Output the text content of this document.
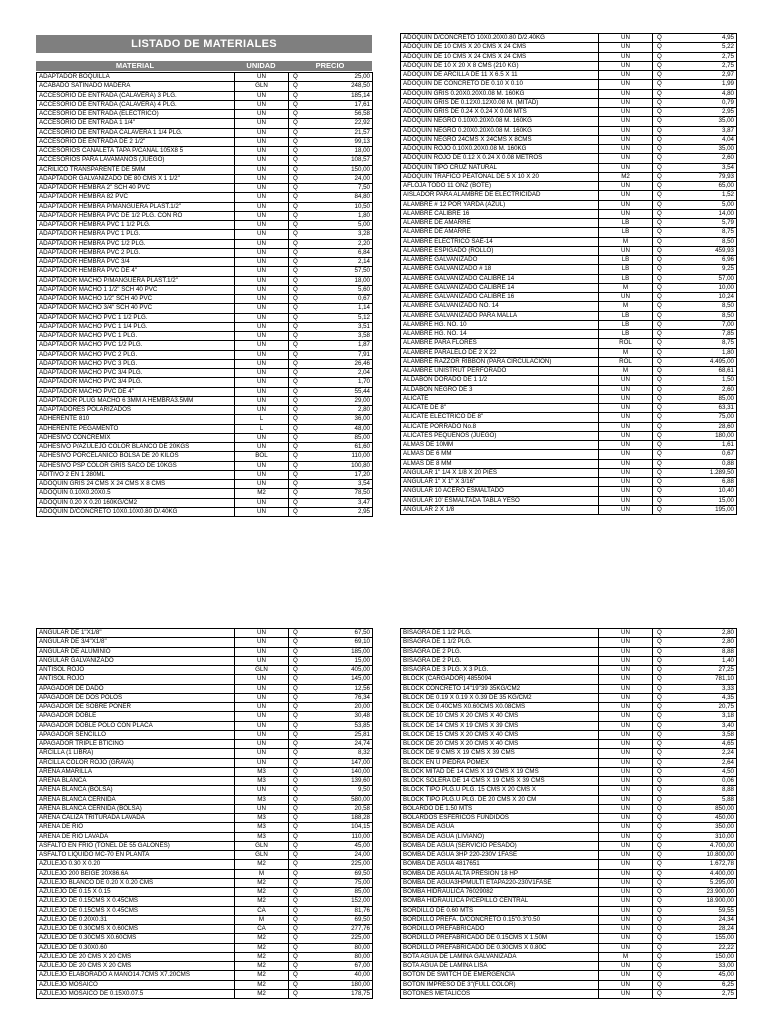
LISTADO DE MATERIALES
MATERIAL	UNIDAD	PRECIO
ADAPTADOR BOQUILLA	UN	Q	25,00
ACABADO SATINADO MADERA	GLN	Q	248,50
ACCESORIO DE ENTRADA (CALAVERA) 3 PLG.	UN	Q	185,14
ACCESORIO DE ENTRADA (CALAVERA) 4 PLG.	UN	Q	17,61
ACCESORIO DE ENTRADA (ELECTRICO)	UN	Q	56,58
ACCESORIO DE ENTRADA 1 1/4"	UN	Q	22,92
ACCESORIO DE ENTRADA CALAVERA 1 1/4 PLG.	UN	Q	21,57
ACCESORIO DE ENTRADA DE 2 1/2"	UN	Q	99,13
ACCESORIOS CANALETA TAPA P/CANAL 105X8 5	UN	Q	18,00
ACCESORIOS PARA LAVAMANOS (JUEGO)	UN	Q	108,57
ACRILICO TRANSPARENTE DE 5MM	UN	Q	150,00
ADAPTADOR GALVANIZADO DE 80 CMS X 1 1/2"	UN	Q	24,00
ADAPTADOR HEMBRA 2" SCH 40 PVC	UN	Q	7,50
ADAPTADOR HEMBRA 82 PVC	UN	Q	84,80
ADAPTADOR HEMBRA P/MANGUERA PLAST.1/2"	UN	Q	10,50
ADAPTADOR HEMBRA PVC DE 1/2 PLG. CON RO	UN	Q	1,80
ADAPTADOR HEMBRA PVC 1 1/2 PLG.	UN	Q	5,00
ADAPTADOR HEMBRA PVC 1 PLG.	UN	Q	3,28
ADAPTADOR HEMBRA PVC 1/2 PLG.	UN	Q	2,20
ADAPTADOR HEMBRA PVC 2 PLG.	UN	Q	6,84
ADAPTADOR HEMBRA PVC 3/4	UN	Q	2,14
ADAPTADOR HEMBRA PVC DE 4"	UN	Q	57,50
ADAPTADOR MACHO P/MANGUERA PLAST.1/2"	UN	Q	18,00
ADAPTADOR MACHO 1 1/2" SCH 40 PVC	UN	Q	5,60
ADAPTADOR MACHO 1/2" SCH 40 PVC	UN	Q	0,67
ADAPTADOR MACHO 3/4" SCH 40 PVC	UN	Q	1,14
ADAPTADOR MACHO PVC 1 1/2 PLG.	UN	Q	5,12
ADAPTADOR MACHO PVC 1 1/4 PLG.	UN	Q	3,51
ADAPTADOR MACHO PVC 1 PLG.	UN	Q	3,58
ADAPTADOR MACHO PVC 1/2 PLG.	UN	Q	1,87
ADAPTADOR MACHO PVC 2 PLG.	UN	Q	7,91
ADAPTADOR MACHO PVC 3 PLG.	UN	Q	26,46
ADAPTADOR MACHO PVC 3/4 PLG.	UN	Q	2,04
ADAPTADOR MACHO PVC 3/4 PLG.	UN	Q	1,70
ADAPTADOR MACHO PVC DE 4"	UN	Q	55,44
ADAPTADOR PLUG MACHO 6 3MM A HEMBRA3.5MM	UN	Q	29,00
ADAPTADORES POLARIZADOS	UN	Q	2,80
ADHERENTE 810	L	Q	36,00
ADHERENTE PEGAMENTO	L	Q	48,00
ADHESIVO CONCREMIX	UN	Q	85,00
ADHESIVO P/AZULEJO COLOR BLANCO DE 20KGS	UN	Q	61,60
ADHESIVO PORCELANICO BOLSA DE 20 KILOS	BOL	Q	110,00
ADHESIVO PSP COLOR GRIS SACO DE 10KGS	UN	Q	100,80
ADITIVO 2 EN 1 280ML	UN	Q	17,20
ADOQUIN GRIS 24 CMS X 24 CMS X 8 CMS	UN	Q	3,54
ADOQUIN 0.10X0.20X0.5	M2	Q	78,50
ADOQUIN 0.20 X 0.20 160KG/CM2	UN	Q	3,47
ADOQUIN D/CONCRETO 10X0.10X0.80 D/.40KG	UN	Q	2,95
ADOQUIN D/CONCRETO 10X0.20X0.80 D/2.40KG	UN	Q	4,95
ADOQUIN DE 10 CMS X 20 CMS X 24 CMS	UN	Q	5,22
ADOQUIN DE 10 CMS X 24 CMS X 24 CMS	UN	Q	2,75
ADOQUIN DE 10 X 20 X 8 CMS (210 KG)	UN	Q	2,75
ADOQUIN DE ARCILLA DE 11 X 6.5 X 11	UN	Q	2,97
ADOQUIN DE CONCRETO DE 0.10 X 0.10	UN	Q	1,99
ADOQUIN GRIS 0.20X0.20X0.08 M. 160KG	UN	Q	4,80
ADOQUIN GRIS DE 0.12X0.12X0.08 M. (MITAD)	UN	Q	0,79
ADOQUIN GRIS DE 0.24 X 0.24 X 0.08 MTS	UN	Q	2,95
ADOQUIN NEGRO 0.10X0.20X0.08 M. 160KG	UN	Q	35,00
ADOQUIN NEGRO 0.20X0.20X0.08 M. 160KG	UN	Q	3,87
ADOQUIN NEGRO 24CMS X 24CMS X 8CMS	UN	Q	4,04
ADOQUIN ROJO 0.10X0.20X0.08 M. 160KG	UN	Q	35,00
ADOQUIN ROJO DE 0.12 X 0.24 X 0.08 METROS	UN	Q	2,60
ADOQUIN TIPO CRUZ NATURAL	UN	Q	3,54
ADOQUIN TRAFICO PEATONAL DE 5 X 10 X 20	M2	Q	79,93
AFLOJA TODO 11 ONZ (BOTE)	UN	Q	65,00
AISLADOR PARA ALAMBRE DE ELECTRICIDAD	UN	Q	1,52
ALAMBRE # 12 POR YARDA (AZUL)	UN	Q	5,00
ALAMBRE CALIBRE 16	UN	Q	14,00
ALAMBRE DE AMARRE	LB	Q	5,79
ALAMBRE DE AMARRE	LB	Q	8,75
ALAMBRE ELECTRICO SAE-14	M	Q	8,50
ALAMBRE ESPIGADO (ROLLO)	UN	Q	459,93
ALAMBRE GALVANIZADO	LB	Q	6,96
ALAMBRE GALVANIZADO # 18	LB	Q	9,25
ALAMBRE GALVANIZADO CALIBRE 14	LB	Q	57,00
ALAMBRE GALVANIZADO CALIBRE 14	M	Q	10,00
ALAMBRE GALVANIZADO CALIBRE 16	UN	Q	10,24
ALAMBRE GALVANIZADO NO. 14	M	Q	8,50
ALAMBRE GALVANIZADO PARA MALLA	LB	Q	8,50
ALAMBRE HG. NO. 10	LB	Q	7,00
ALAMBRE HG. NO. 14	LB	Q	7,85
ALAMBRE PARA FLORES	ROL	Q	8,75
ALAMBRE PARALELO DE 2 X 22	M	Q	1,80
ALAMBRE RAZZOR RIBBON (PARA CIRCULACION)	ROL	Q	4.495,00
ALAMBRE UNISTRUT PERFORADO	M	Q	68,61
ALDABON DORADO DE 1 1/2	UN	Q	1,50
ALDABON NEGRO DE 3	UN	Q	2,60
ALICATE	UN	Q	85,00
ALICATE DE 8"	UN	Q	63,31
ALICATE ELECTRICO DE 8"	UN	Q	75,00
ALICATE PORRADO No.8	UN	Q	28,60
ALICATES PEQUEÑOS (JUEGO)	UN	Q	180,00
ALMAS DE 10MM	UN	Q	1,61
ALMAS DE 6 MM	UN	Q	0,67
ALMAS DE 8 MM	UN	Q	0,88
ANGULAR 1" 1/4 X 1/8 X 20 PIES	UN	Q	1.289,50
ANGULAR 1" X 1" X 3/16"	UN	Q	6,88
ANGULAR 10 ACERO ESMALTADO	UN	Q	10,40
ANGULAR 10' ESMALTADA TABLA YESO	UN	Q	15,00
ANGULAR 2 X 1/8	UN	Q	195,00
ANGULAR DE 1"X1/8"	UN	Q	67,50
ANGULAR DE 3/4"X1/8"	UN	Q	69,10
ANGULAR DE ALUMINIO	UN	Q	185,00
ANGULAR GALVANIZADO	UN	Q	15,00
ANTISOL ROJO	GLN	Q	405,00
ANTISOL ROJO	UN	Q	145,00
APAGADOR DE DADO	UN	Q	12,56
APAGADOR DE DOS POLOS	UN	Q	76,34
APAGADOR DE SOBRE PONER	UN	Q	20,00
APAGADOR DOBLE	UN	Q	30,48
APAGADOR DOBLE POLO CON PLACA	UN	Q	53,85
APAGADOR SENCILLO	UN	Q	25,81
APAGADOR TRIPLE BTICINO	UN	Q	24,74
ARCILLA (1 LIBRA)	UN	Q	8,32
ARCILLA COLOR ROJO (GRAVA)	UN	Q	147,00
ARENA AMARILLA	M3	Q	140,00
ARENA BLANCA	M3	Q	139,60
ARENA BLANCA (BOLSA)	UN	Q	9,50
ARENA BLANCA CERNIDA	M3	Q	580,00
ARENA BLANCA CERNIDA (BOLSA)	UN	Q	20,58
ARENA CALIZA TRITURADA LAVADA	M3	Q	188,28
ARENA DE RIO	M3	Q	104,15
ARENA DE RIO LAVADA	M3	Q	110,00
ASFALTO EN FRIO (TONEL DE 55 GALONES)	GLN	Q	45,00
ASFALTO LIQUIDO MC-70 EN PLANTA	GLN	Q	24,00
AZULEJO 0.30 X 0.20	M2	Q	225,00
AZULEJO 200 BEIGE 20X86.6A	M	Q	69,50
AZULEJO BLANCO DE 0.20 X 0.20 CMS	M2	Q	75,00
AZULEJO DE 0.15 X 0.15	M2	Q	85,00
AZULEJO DE 0.15CMS X 0.45CMS	M2	Q	152,00
AZULEJO DE 0.15CMS X 0.45CMS	CA	Q	81,76
AZULEJO DE 0.20X0.31	M	Q	69,50
AZULEJO DE 0.30CMS X 0.60CMS	CA	Q	277,76
AZULEJO DE 0.30CMS X0.60CMS	M2	Q	225,00
AZULEJO DE 0.30X0.60	M2	Q	80,00
AZULEJO DE 20 CMS X 20 CMS	M2	Q	80,00
AZULEJO DE 20 CMS X 20 CMS	M2	Q	67,00
AZULEJO ELABORADO A MANO14.7CMS X7.20CMS	M2	Q	40,00
AZULEJO MOSAICO	M2	Q	180,00
AZULEJO MOSAICO DE 0.15X0.07.5	M2	Q	178,75
BISAGRA DE 1 1/2 PLG.	UN	Q	2,80
BISAGRA DE 1 1/2 PLG.	UN	Q	2,80
BISAGRA DE 2 PLG.	UN	Q	8,88
BISAGRA DE 2 PLG.	UN	Q	1,40
BISAGRA DE 3 PLG. X 3 PLG.	UN	Q	27,25
BLOCK (CARGADOR) 4855094	UN	Q	781,10
BLOCK CONCRETO 14"19"39 35KG/CM2	UN	Q	3,33
BLOCK DE 0.19 X 0.19 X 0.39 DE 35 KG/CM2	UN	Q	4,35
BLOCK DE 0.40CMS X0.60CMS X0.08CMS	UN	Q	20,75
BLOCK DE 10 CMS X 20 CMS X 40 CMS	UN	Q	3,18
BLOCK DE 14 CMS X 19 CMS X 39 CMS	UN	Q	3,40
BLOCK DE 15 CMS X 20 CMS X 40 CMS	UN	Q	3,58
BLOCK DE 20 CMS X 20 CMS X 40 CMS	UN	Q	4,65
BLOCK DE 9 CMS X 19 CMS X 39 CMS	UN	Q	2,24
BLOCK EN U PIEDRA POMEX	UN	Q	2,64
BLOCK MITAD DE 14 CMS X 19 CMS X 19 CMS	UN	Q	4,50
BLOCK SOLERA DE 14 CMS X 19 CMS X 39 CMS	UN	Q	0,06
BLOCK TIPO PLG.U PLG. 15 CMS X 20 CMS X	UN	Q	8,88
BLOCK TIPO PLG.U PLG. DE 20 CMS X 20 CM	UN	Q	5,88
BOLARDO DE 1.50 MTS	UN	Q	850,00
BOLARDOS ESFERICOS FUNDIDOS	UN	Q	450,00
BOMBA DE AGUA	UN	Q	350,00
BOMBA DE AGUA (LIVIANO)	UN	Q	310,00
BOMBA DE AGUA (SERVICIO PESADO)	UN	Q	4.700,00
BOMBA DE AGUA 3HP 220-230V 1FASE	UN	Q	10.800,00
BOMBA DE AGUA 4817651	UN	Q	1.672,78
BOMBA DE AGUA ALTA PRESION 18 HP	UN	Q	4.400,00
BOMBA DE AGUA3HPMULTI ETAPA220-230V1FASE	UN	Q	5.295,00
BOMBA HIDRAULICA 76029082	UN	Q	23.900,00
BOMBA HIDRAULICA P/CEPILLO CENTRAL	UN	Q	18.900,00
BORDILLO DE 0.60 MTS	UN	Q	59,55
BORDILLO PREFA. D/CONCRETO 0.15"0.3"0.50	UN	Q	24,34
BORDILLO PREFABRICADO	UN	Q	28,24
BORDILLO PREFABRICADO DE 0.15CMS X 1.50M	UN	Q	155,00
BORDILLO PREFABRICADO DE 0.30CMS X 0.80C	UN	Q	22,22
BOTA AGUA DE LAMINA GALVANIZADA	M	Q	150,00
BOTA AGUA DE LAMINA LISA	UN	Q	33,00
BOTON DE SWITCH DE EMERGENCIA	UN	Q	45,00
BOTON IMPRESO DE 3"(FULL COLOR)	UN	Q	6,25
BOTONES METALICOS	UN	Q	2,75
